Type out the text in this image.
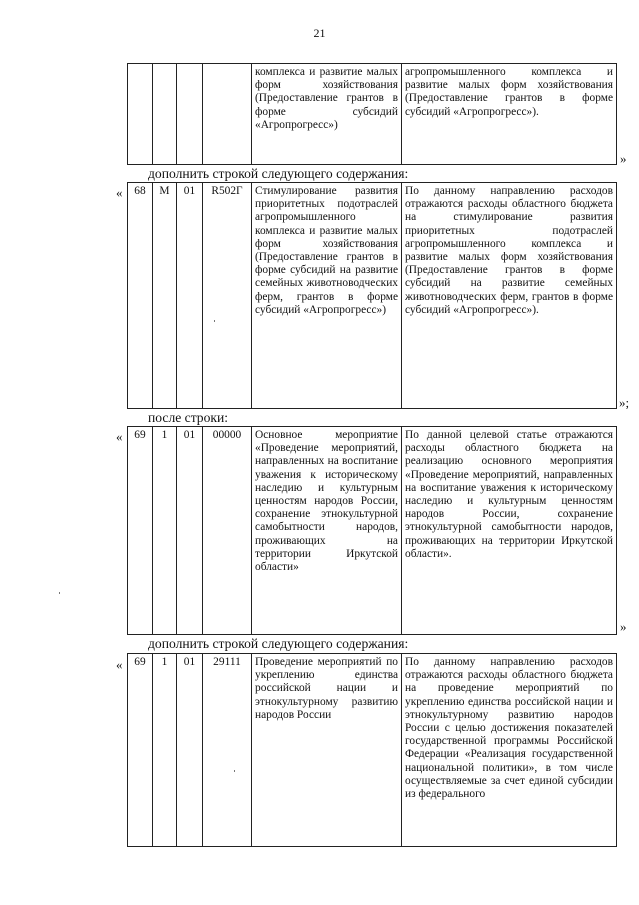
21
				комплекса и развитие малых форм хозяйствования (Предоставление грантов в форме субсидий «Агропрогресс»)	агропромышленного комплекса и развитие малых форм хозяйствования (Предоставление грантов в форме субсидий «Агропрогресс»).
»
дополнить строкой следующего содержания:
« 68	М	01	R502Г	Стимулирование развития приоритетных подотраслей агропромышленного комплекса и развитие малых форм хозяйствования (Предоставление грантов в форме субсидий на развитие семейных животноводческих ферм, грантов в форме субсидий «Агропрогресс»)	По данному направлению расходов отражаются расходы областного бюджета на стимулирование развития приоритетных подотраслей агропромышленного комплекса и развитие малых форм хозяйствования (Предоставление грантов в форме субсидий на развитие семейных животноводческих ферм, грантов в форме субсидий «Агропрогресс»).
»;
после строки:
« 69	1	01	00000	Основное мероприятие «Проведение мероприятий, направленных на воспитание уважения к историческому наследию и культурным ценностям народов России, сохранение этнокультурной самобытности народов, проживающих на территории Иркутской области»	По данной целевой статье отражаются расходы областного бюджета на реализацию основного мероприятия «Проведение мероприятий, направленных на воспитание уважения к историческому наследию и культурным ценностям народов России, сохранение этнокультурной самобытности народов, проживающих на территории Иркутской области».
»
дополнить строкой следующего содержания:
« 69	1	01	29111	Проведение мероприятий по укреплению единства российской нации и этнокультурному развитию народов России	По данному направлению расходов отражаются расходы областного бюджета на проведение мероприятий по укреплению единства российской нации и этнокультурному развитию народов России с целью достижения показателей государственной программы Российской Федерации «Реализация государственной национальной политики», в том числе осуществляемые за счет единой субсидии из федерального
